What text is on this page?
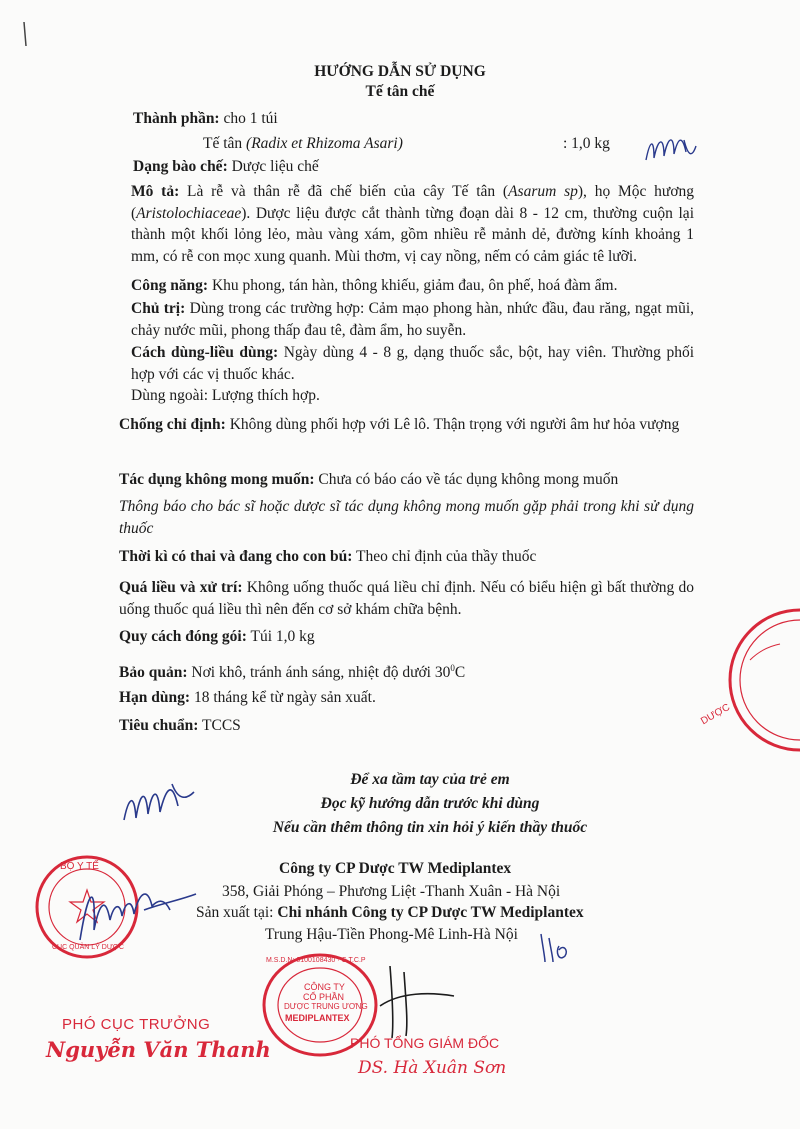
HƯỚNG DẪN SỬ DỤNG
Tế tân chế
Thành phần: cho 1 túi
Tế tân (Radix et Rhizoma Asari)	: 1,0 kg
Dạng bào chế: Dược liệu chế
Mô tả: Là rễ và thân rễ đã chế biến của cây Tế tân (Asarum sp), họ Mộc hương (Aristolochiaceae). Dược liệu được cắt thành từng đoạn dài 8 - 12 cm, thường cuộn lại thành một khối lỏng lẻo, màu vàng xám, gồm nhiều rễ mảnh dẻ, đường kính khoảng 1 mm, có rễ con mọc xung quanh. Mùi thơm, vị cay nồng, nếm có cảm giác tê lưỡi.
Công năng: Khu phong, tán hàn, thông khiếu, giảm đau, ôn phế, hoá đàm ẩm.
Chủ trị: Dùng trong các trường hợp: Cảm mạo phong hàn, nhức đầu, đau răng, ngạt mũi, chảy nước mũi, phong thấp đau tê, đàm ẩm, ho suyễn.
Cách dùng-liều dùng: Ngày dùng 4 - 8 g, dạng thuốc sắc, bột, hay viên. Thường phối hợp với các vị thuốc khác.
Dùng ngoài: Lượng thích hợp.
Chống chỉ định: Không dùng phối hợp với Lê lô. Thận trọng với người âm hư hỏa vượng
Tác dụng không mong muốn: Chưa có báo cáo về tác dụng không mong muốn
Thông báo cho bác sĩ hoặc dược sĩ tác dụng không mong muốn gặp phải trong khi sử dụng thuốc
Thời kì có thai và đang cho con bú: Theo chỉ định của thầy thuốc
Quá liều và xử trí: Không uống thuốc quá liều chỉ định. Nếu có biểu hiện gì bất thường do uống thuốc quá liều thì nên đến cơ sở khám chữa bệnh.
Quy cách đóng gói: Túi 1,0 kg
Bảo quản: Nơi khô, tránh ánh sáng, nhiệt độ dưới $30^0C$
Hạn dùng: 18 tháng kể từ ngày sản xuất.
Tiêu chuẩn: TCCS
Để xa tầm tay của trẻ em
Đọc kỹ hướng dẫn trước khi dùng
Nếu cần thêm thông tin xin hỏi ý kiến thầy thuốc
Công ty CP Dược TW Mediplantex
358, Giải Phóng – Phương Liệt -Thanh Xuân - Hà Nội
Sản xuất tại: Chi nhánh Công ty CP Dược TW Mediplantex
Trung Hậu-Tiền Phong-Mê Linh-Hà Nội
DƯỢC
BỘ Y TẾ
CỤC QUẢN LÝ DƯỢC
PHÓ CỤC TRƯỞNG
Nguyễn Văn Thanh
M.S.D.N: 0100108430 · C.T.C.P
CÔNG TY
CỔ PHẦN
DƯỢC TRUNG ƯƠNG
MEDIPLANTEX
PHÓ TỔNG GIÁM ĐỐC
DS. Hà Xuân Sơn
